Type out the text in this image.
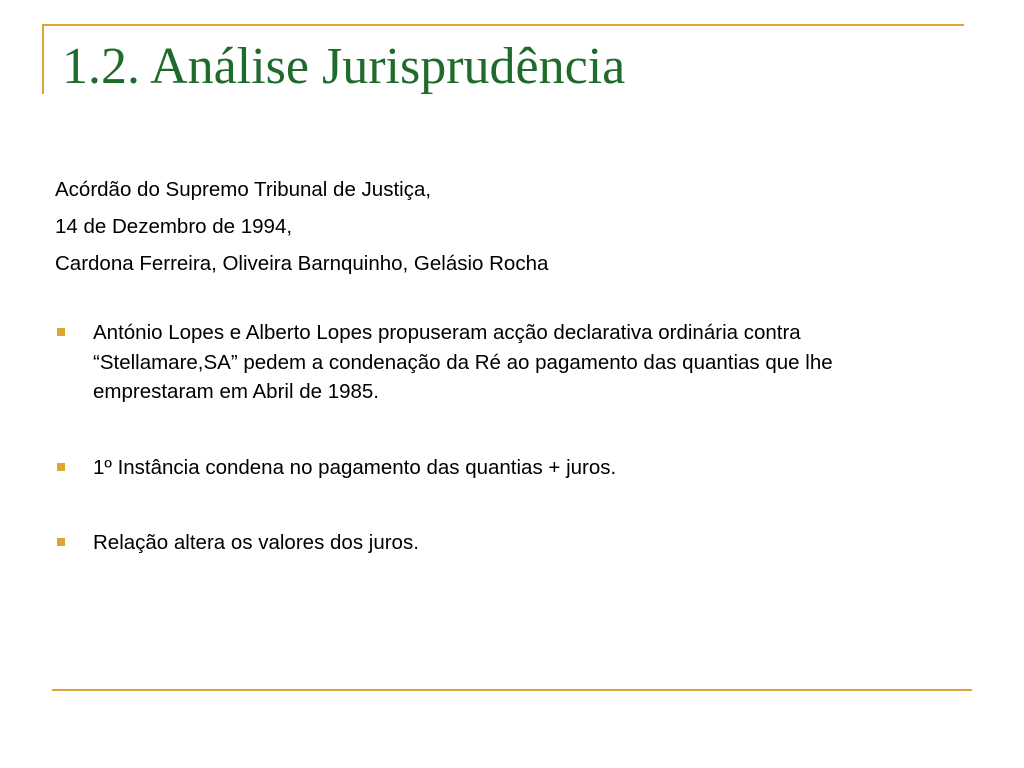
1.2. Análise Jurisprudência
Acórdão do Supremo Tribunal de Justiça,
14 de Dezembro de 1994,
Cardona Ferreira, Oliveira Barnquinho, Gelásio Rocha
António Lopes e Alberto Lopes propuseram acção declarativa ordinária contra “Stellamare,SA” pedem a condenação da Ré ao pagamento das quantias que lhe emprestaram em Abril de 1985.
1º Instância condena no pagamento das quantias + juros.
Relação altera os valores dos juros.
